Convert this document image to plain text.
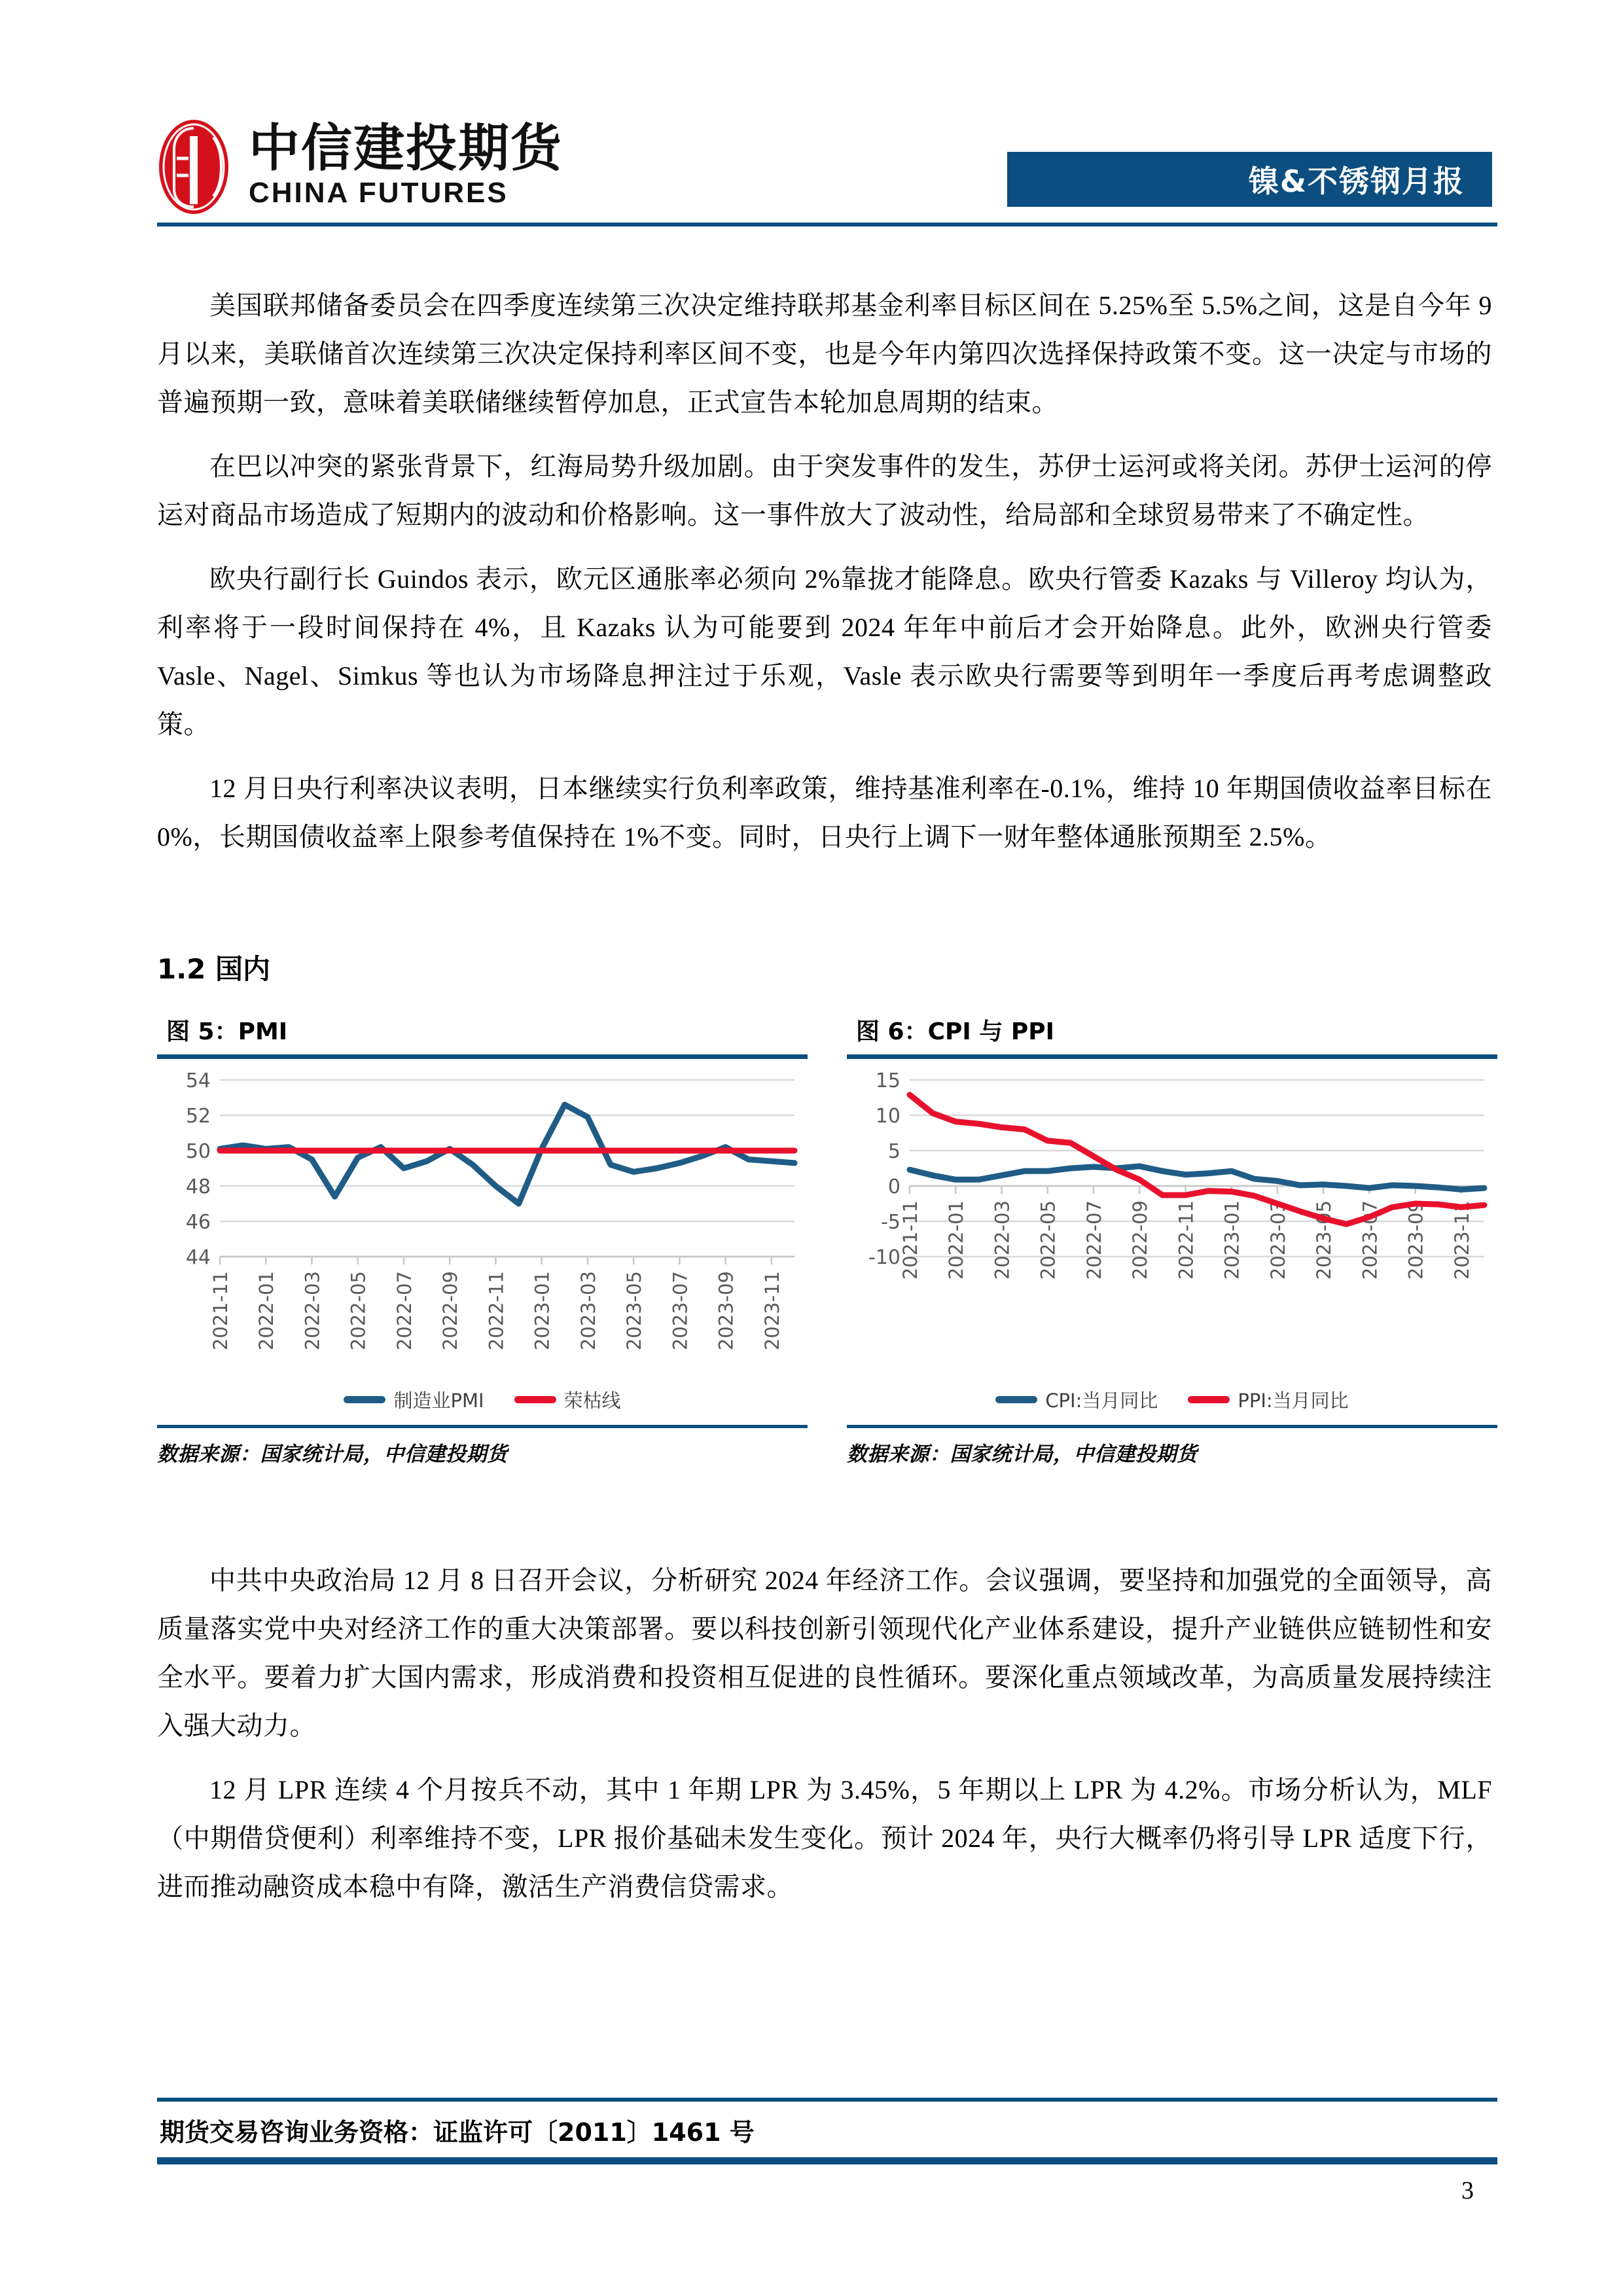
中信建投期货
CHINA FUTURES	镍&不锈钢月报

美国联邦储备委员会在四季度连续第三次决定维持联邦基金利率目标区间在 5.25%至 5.5%之间，这是自今年 9 月以来，美联储首次连续第三次决定保持利率区间不变，也是今年内第四次选择保持政策不变。这一决定与市场的普遍预期一致，意味着美联储继续暂停加息，正式宣告本轮加息周期的结束。

在巴以冲突的紧张背景下，红海局势升级加剧。由于突发事件的发生，苏伊士运河或将关闭。苏伊士运河的停运对商品市场造成了短期内的波动和价格影响。这一事件放大了波动性，给局部和全球贸易带来了不确定性。

欧央行副行长 Guindos 表示，欧元区通胀率必须向 2%靠拢才能降息。欧央行管委 Kazaks 与 Villeroy 均认为，利率将于一段时间保持在 4%，且 Kazaks 认为可能要到 2024 年年中前后才会开始降息。此外，欧洲央行管委 Vasle、Nagel、Simkus 等也认为市场降息押注过于乐观，Vasle 表示欧央行需要等到明年一季度后再考虑调整政策。

12 月日央行利率决议表明，日本继续实行负利率政策，维持基准利率在-0.1%，维持 10 年期国债收益率目标在 0%，长期国债收益率上限参考值保持在 1%不变。同时，日央行上调下一财年整体通胀预期至 2.5%。

1.2 国内
图 5：PMI
44
46
48
50
52
54
2021-11 2022-01 2022-03 2022-05 2022-07 2022-09 2022-11 2023-01 2023-03 2023-05 2023-07 2023-09 2023-11
制造业PMI	荣枯线
数据来源：国家统计局，中信建投期货
图 6：CPI 与 PPI
-10
-5
0
5
10
15
2021-11 2022-01 2022-03 2022-05 2022-07 2022-09 2022-11 2023-01 2023-03 2023-05 2023-07 2023-09 2023-11
CPI:当月同比	PPI:当月同比
数据来源：国家统计局，中信建投期货

中共中央政治局 12 月 8 日召开会议，分析研究 2024 年经济工作。会议强调，要坚持和加强党的全面领导，高质量落实党中央对经济工作的重大决策部署。要以科技创新引领现代化产业体系建设，提升产业链供应链韧性和安全水平。要着力扩大国内需求，形成消费和投资相互促进的良性循环。要深化重点领域改革，为高质量发展持续注入强大动力。

12 月 LPR 连续 4 个月按兵不动，其中 1 年期 LPR 为 3.45%，5 年期以上 LPR 为 4.2%。市场分析认为，MLF（中期借贷便利）利率维持不变，LPR 报价基础未发生变化。预计 2024 年，央行大概率仍将引导 LPR 适度下行，进而推动融资成本稳中有降，激活生产消费信贷需求。

期货交易咨询业务资格：证监许可〔2011〕1461 号
3
